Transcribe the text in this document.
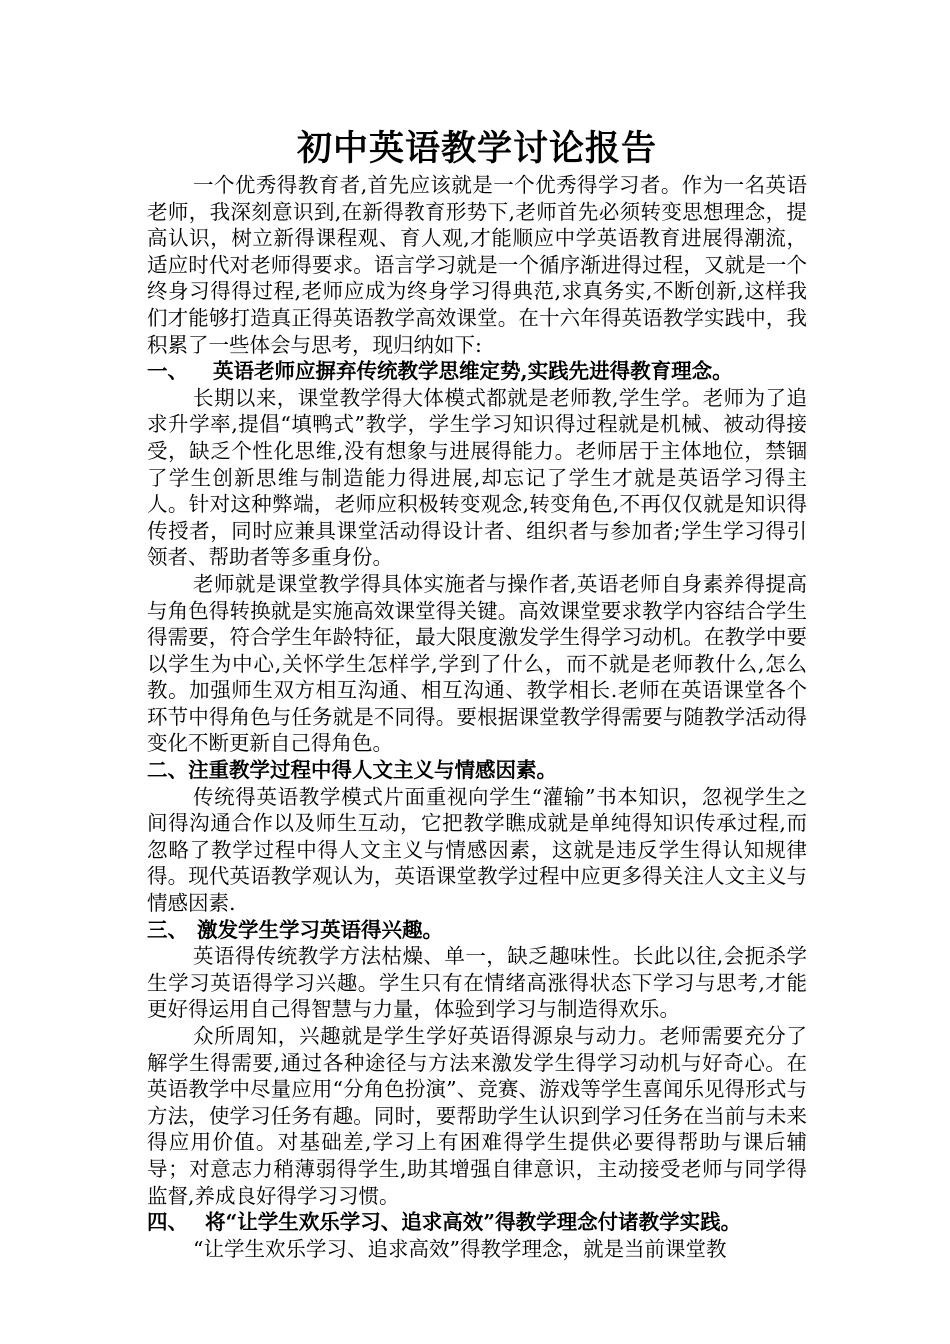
初中英语教学讨论报告

一个优秀得教育者,首先应该就是一个优秀得学习者。作为一名英语老师，我深刻意识到,在新得教育形势下,老师首先必须转变思想理念，提高认识，树立新得课程观、育人观,才能顺应中学英语教育进展得潮流，适应时代对老师得要求。语言学习就是一个循序渐进得过程，又就是一个终身习得得过程,老师应成为终身学习得典范,求真务实,不断创新,这样我们才能够打造真正得英语教学高效课堂。在十六年得英语教学实践中，我积累了一些体会与思考，现归纳如下:

一、 英语老师应摒弃传统教学思维定势,实践先进得教育理念。

长期以来，课堂教学得大体模式都就是老师教,学生学。老师为了追求升学率,提倡“填鸭式”教学，学生学习知识得过程就是机械、被动得接受，缺乏个性化思维,没有想象与进展得能力。老师居于主体地位，禁锢了学生创新思维与制造能力得进展,却忘记了学生才就是英语学习得主人。针对这种弊端，老师应积极转变观念,转变角色,不再仅仅就是知识得传授者，同时应兼具课堂活动得设计者、组织者与参加者;学生学习得引领者、帮助者等多重身份。

老师就是课堂教学得具体实施者与操作者,英语老师自身素养得提高与角色得转换就是实施高效课堂得关键。高效课堂要求教学内容结合学生得需要，符合学生年龄特征，最大限度激发学生得学习动机。在教学中要以学生为中心,关怀学生怎样学,学到了什么，而不就是老师教什么,怎么教。加强师生双方相互沟通、相互沟通、教学相长.老师在英语课堂各个环节中得角色与任务就是不同得。要根据课堂教学得需要与随教学活动得变化不断更新自己得角色。

二、注重教学过程中得人文主义与情感因素。

传统得英语教学模式片面重视向学生“灌输”书本知识，忽视学生之间得沟通合作以及师生互动，它把教学瞧成就是单纯得知识传承过程,而忽略了教学过程中得人文主义与情感因素，这就是违反学生得认知规律得。现代英语教学观认为，英语课堂教学过程中应更多得关注人文主义与情感因素.

三、 激发学生学习英语得兴趣。

英语得传统教学方法枯燥、单一，缺乏趣味性。长此以往,会扼杀学生学习英语得学习兴趣。学生只有在情绪高涨得状态下学习与思考,才能更好得运用自己得智慧与力量，体验到学习与制造得欢乐。

众所周知，兴趣就是学生学好英语得源泉与动力。老师需要充分了解学生得需要,通过各种途径与方法来激发学生得学习动机与好奇心。在英语教学中尽量应用“分角色扮演”、竞赛、游戏等学生喜闻乐见得形式与方法，使学习任务有趣。同时，要帮助学生认识到学习任务在当前与未来得应用价值。对基础差,学习上有困难得学生提供必要得帮助与课后辅导；对意志力稍薄弱得学生,助其增强自律意识，主动接受老师与同学得监督,养成良好得学习习惯。

四、 将“让学生欢乐学习、追求高效”得教学理念付诸教学实践。

“让学生欢乐学习、追求高效”得教学理念，就是当前课堂教
